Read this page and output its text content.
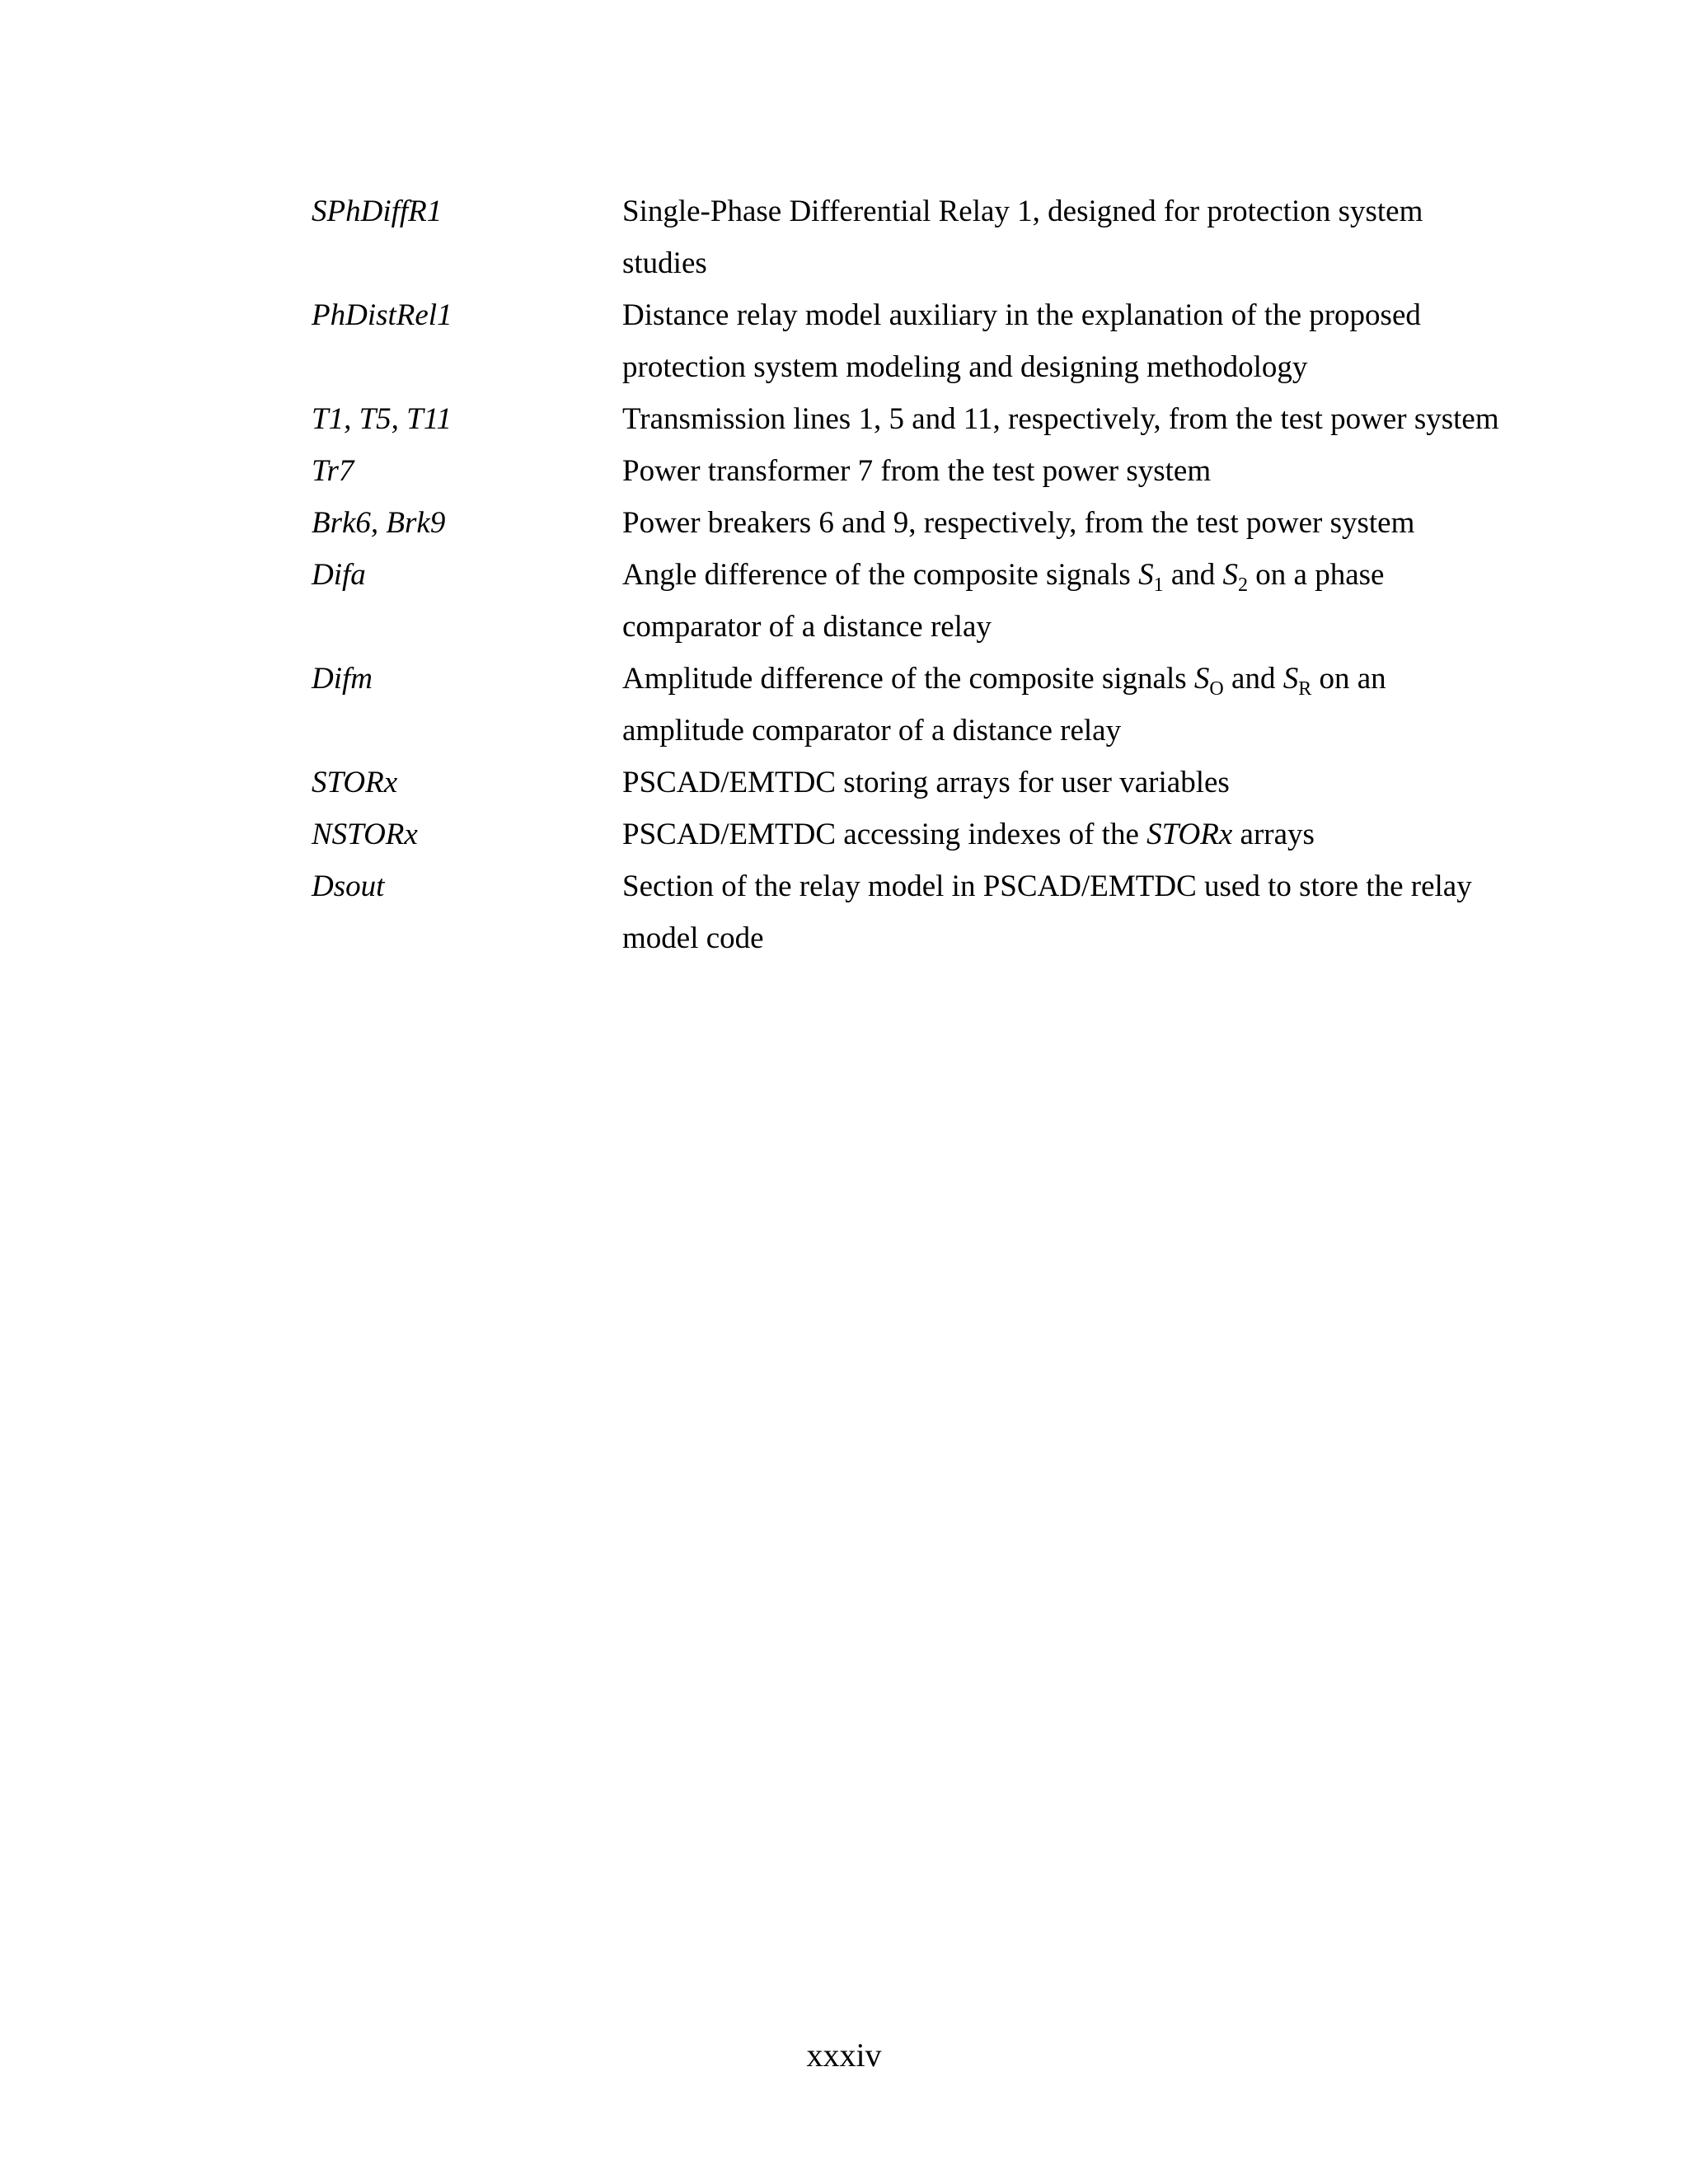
SPhDiffR1	Single-Phase Differential Relay 1, designed for protection system studies
PhDistRel1	Distance relay model auxiliary in the explanation of the proposed protection system modeling and designing methodology
T1, T5, T11	Transmission lines 1, 5 and 11, respectively, from the test power system
Tr7	Power transformer 7 from the test power system
Brk6, Brk9	Power breakers 6 and 9, respectively, from the test power system
Difa	Angle difference of the composite signals $S_1$ and $S_2$ on a phase comparator of a distance relay
Difm	Amplitude difference of the composite signals $S_O$ and $S_R$ on an amplitude comparator of a distance relay
STORx	PSCAD/EMTDC storing arrays for user variables
NSTORx	PSCAD/EMTDC accessing indexes of the STORx arrays
Dsout	Section of the relay model in PSCAD/EMTDC used to store the relay model code
xxxiv
